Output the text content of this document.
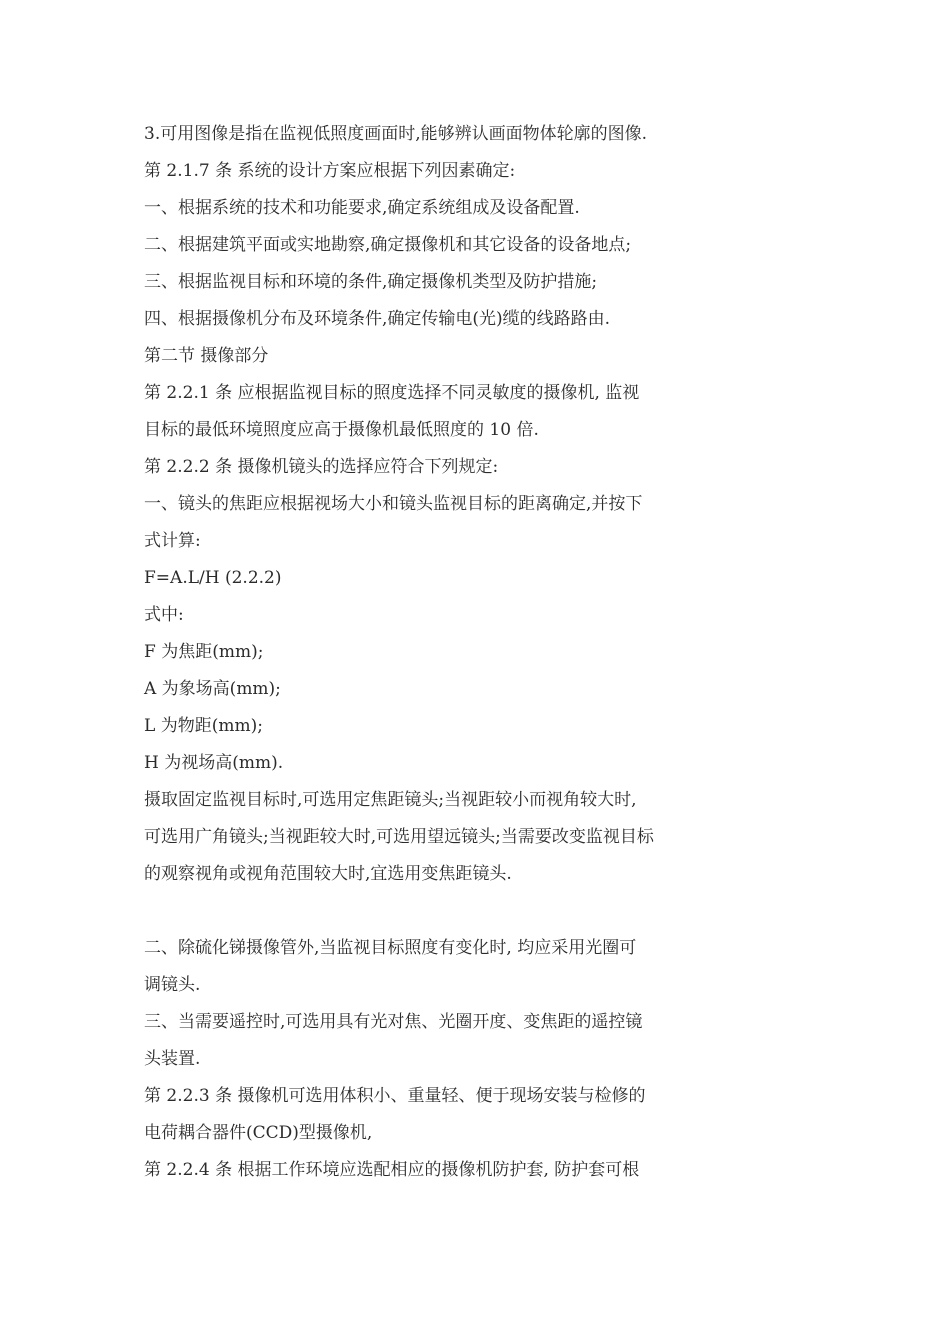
3.可用图像是指在监视低照度画面时,能够辨认画面物体轮廓的图像.
第 2.1.7 条 系统的设计方案应根据下列因素确定:
一、根据系统的技术和功能要求,确定系统组成及设备配置.
二、根据建筑平面或实地勘察,确定摄像机和其它设备的设备地点;
三、根据监视目标和环境的条件,确定摄像机类型及防护措施;
四、根据摄像机分布及环境条件,确定传输电(光)缆的线路路由.
第二节 摄像部分
第 2.2.1 条 应根据监视目标的照度选择不同灵敏度的摄像机, 监视
目标的最低环境照度应高于摄像机最低照度的 10 倍.
第 2.2.2 条 摄像机镜头的选择应符合下列规定:
一、镜头的焦距应根据视场大小和镜头监视目标的距离确定,并按下
式计算:
F=A.L/H (2.2.2)
式中:
F 为焦距(mm);
A 为象场高(mm);
L 为物距(mm);
H 为视场高(mm).
摄取固定监视目标时,可选用定焦距镜头;当视距较小而视角较大时,
可选用广角镜头;当视距较大时,可选用望远镜头;当需要改变监视目标
的观察视角或视角范围较大时,宜选用变焦距镜头.
二、除硫化锑摄像管外,当监视目标照度有变化时, 均应采用光圈可
调镜头.
三、当需要遥控时,可选用具有光对焦、光圈开度、变焦距的遥控镜
头装置.
第 2.2.3 条 摄像机可选用体积小、重量轻、便于现场安装与检修的
电荷耦合器件(CCD)型摄像机,
第 2.2.4 条 根据工作环境应选配相应的摄像机防护套, 防护套可根
